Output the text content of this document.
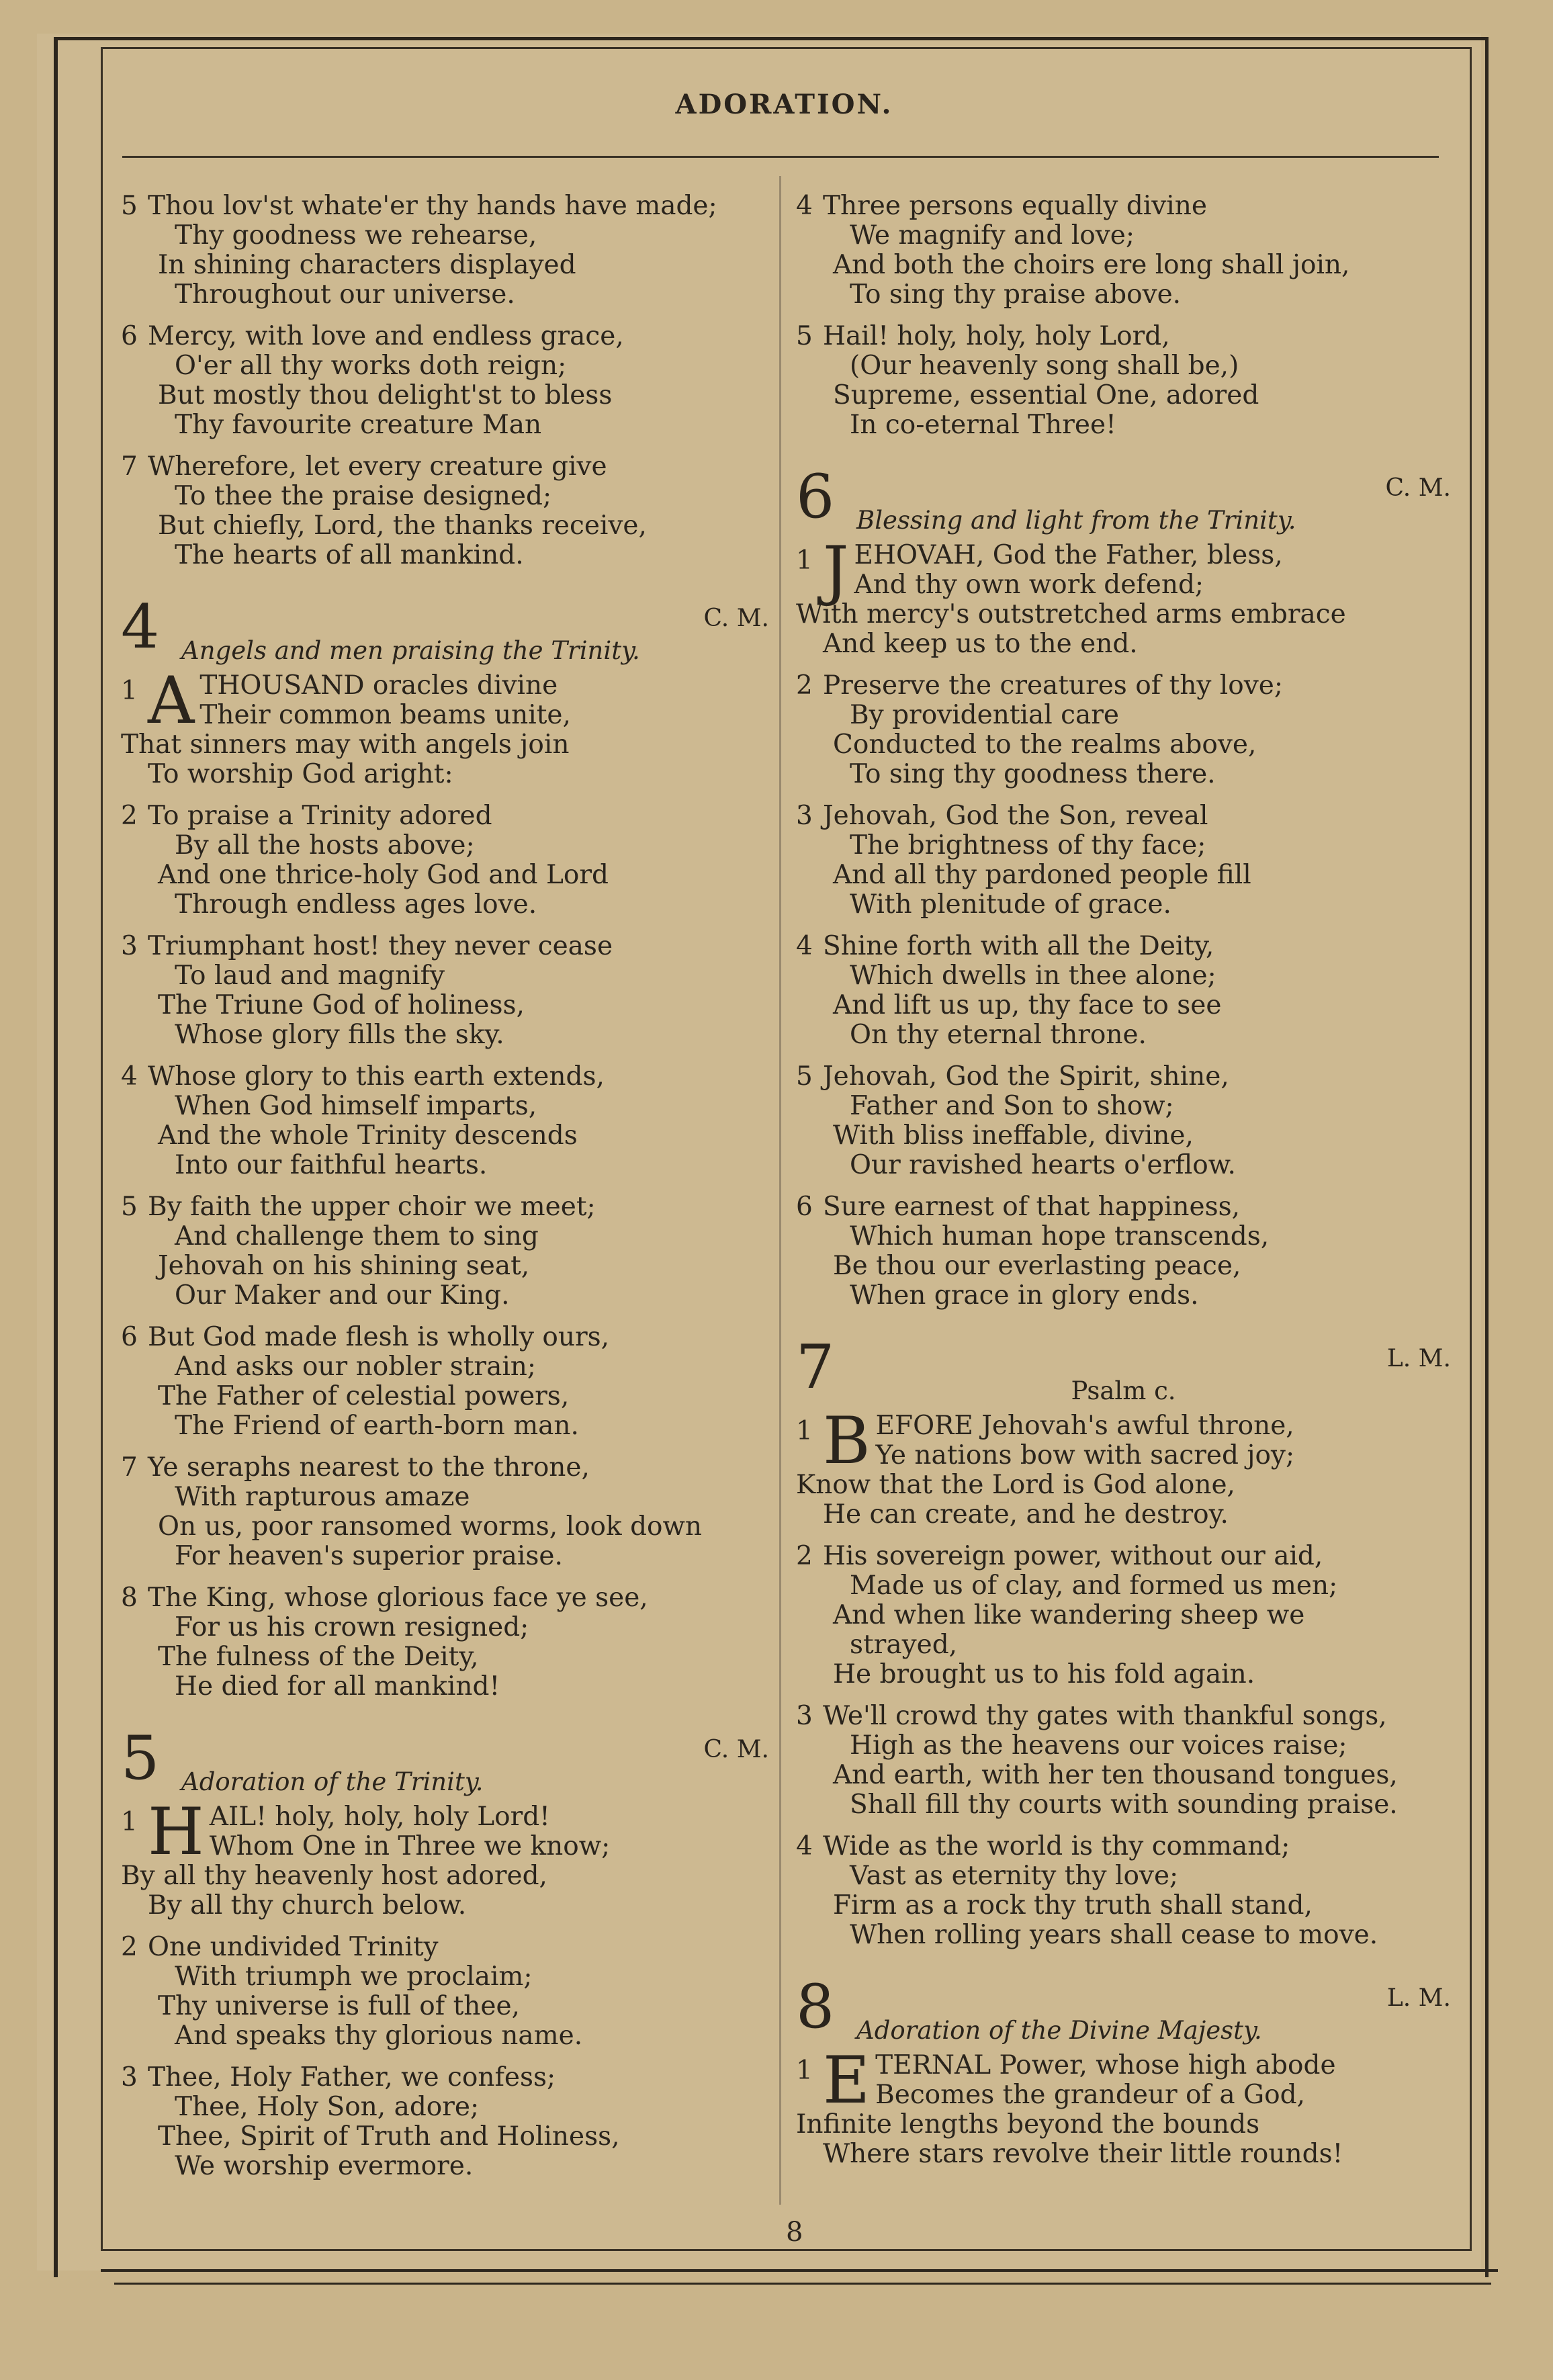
ADORATION.
5 Thou lov'st whate'er thy hands have made;
Thy goodness we rehearse,
In shining characters displayed
Throughout our universe.
6 Mercy, with love and endless grace,
O'er all thy works doth reign;
But mostly thou delight'st to bless
Thy favourite creature Man
7 Wherefore, let every creature give
To thee the praise designed;
But chiefly, Lord, the thanks receive,
The hearts of all mankind.
4	C. M.
Angels and men praising the Trinity.
1 A THOUSAND oracles divine
Their common beams unite,
That sinners may with angels join
To worship God aright:
2 To praise a Trinity adored
By all the hosts above;
And one thrice-holy God and Lord
Through endless ages love.
3 Triumphant host! they never cease
To laud and magnify
The Triune God of holiness,
Whose glory fills the sky.
4 Whose glory to this earth extends,
When God himself imparts,
And the whole Trinity descends
Into our faithful hearts.
5 By faith the upper choir we meet;
And challenge them to sing
Jehovah on his shining seat,
Our Maker and our King.
6 But God made flesh is wholly ours,
And asks our nobler strain;
The Father of celestial powers,
The Friend of earth-born man.
7 Ye seraphs nearest to the throne,
With rapturous amaze
On us, poor ransomed worms, look down
For heaven's superior praise.
8 The King, whose glorious face ye see,
For us his crown resigned;
The fulness of the Deity,
He died for all mankind!
5	C. M.
Adoration of the Trinity.
1 H AIL! holy, holy, holy Lord!
Whom One in Three we know;
By all thy heavenly host adored,
By all thy church below.
2 One undivided Trinity
With triumph we proclaim;
Thy universe is full of thee,
And speaks thy glorious name.
3 Thee, Holy Father, we confess;
Thee, Holy Son, adore;
Thee, Spirit of Truth and Holiness,
We worship evermore.
4 Three persons equally divine
We magnify and love;
And both the choirs ere long shall join,
To sing thy praise above.
5 Hail! holy, holy, holy Lord,
(Our heavenly song shall be,)
Supreme, essential One, adored
In co-eternal Three!
6	C. M.
Blessing and light from the Trinity.
1 J EHOVAH, God the Father, bless,
And thy own work defend;
With mercy's outstretched arms embrace
And keep us to the end.
2 Preserve the creatures of thy love;
By providential care
Conducted to the realms above,
To sing thy goodness there.
3 Jehovah, God the Son, reveal
The brightness of thy face;
And all thy pardoned people fill
With plenitude of grace.
4 Shine forth with all the Deity,
Which dwells in thee alone;
And lift us up, thy face to see
On thy eternal throne.
5 Jehovah, God the Spirit, shine,
Father and Son to show;
With bliss ineffable, divine,
Our ravished hearts o'erflow.
6 Sure earnest of that happiness,
Which human hope transcends,
Be thou our everlasting peace,
When grace in glory ends.
7	L. M.
Psalm c.
1 B EFORE Jehovah's awful throne,
Ye nations bow with sacred joy;
Know that the Lord is God alone,
He can create, and he destroy.
2 His sovereign power, without our aid,
Made us of clay, and formed us men;
And when like wandering sheep we
strayed,
He brought us to his fold again.
3 We'll crowd thy gates with thankful songs,
High as the heavens our voices raise;
And earth, with her ten thousand tongues,
Shall fill thy courts with sounding praise.
4 Wide as the world is thy command;
Vast as eternity thy love;
Firm as a rock thy truth shall stand,
When rolling years shall cease to move.
8	L. M.
Adoration of the Divine Majesty.
1 E TERNAL Power, whose high abode
Becomes the grandeur of a God,
Infinite lengths beyond the bounds
Where stars revolve their little rounds!
8
